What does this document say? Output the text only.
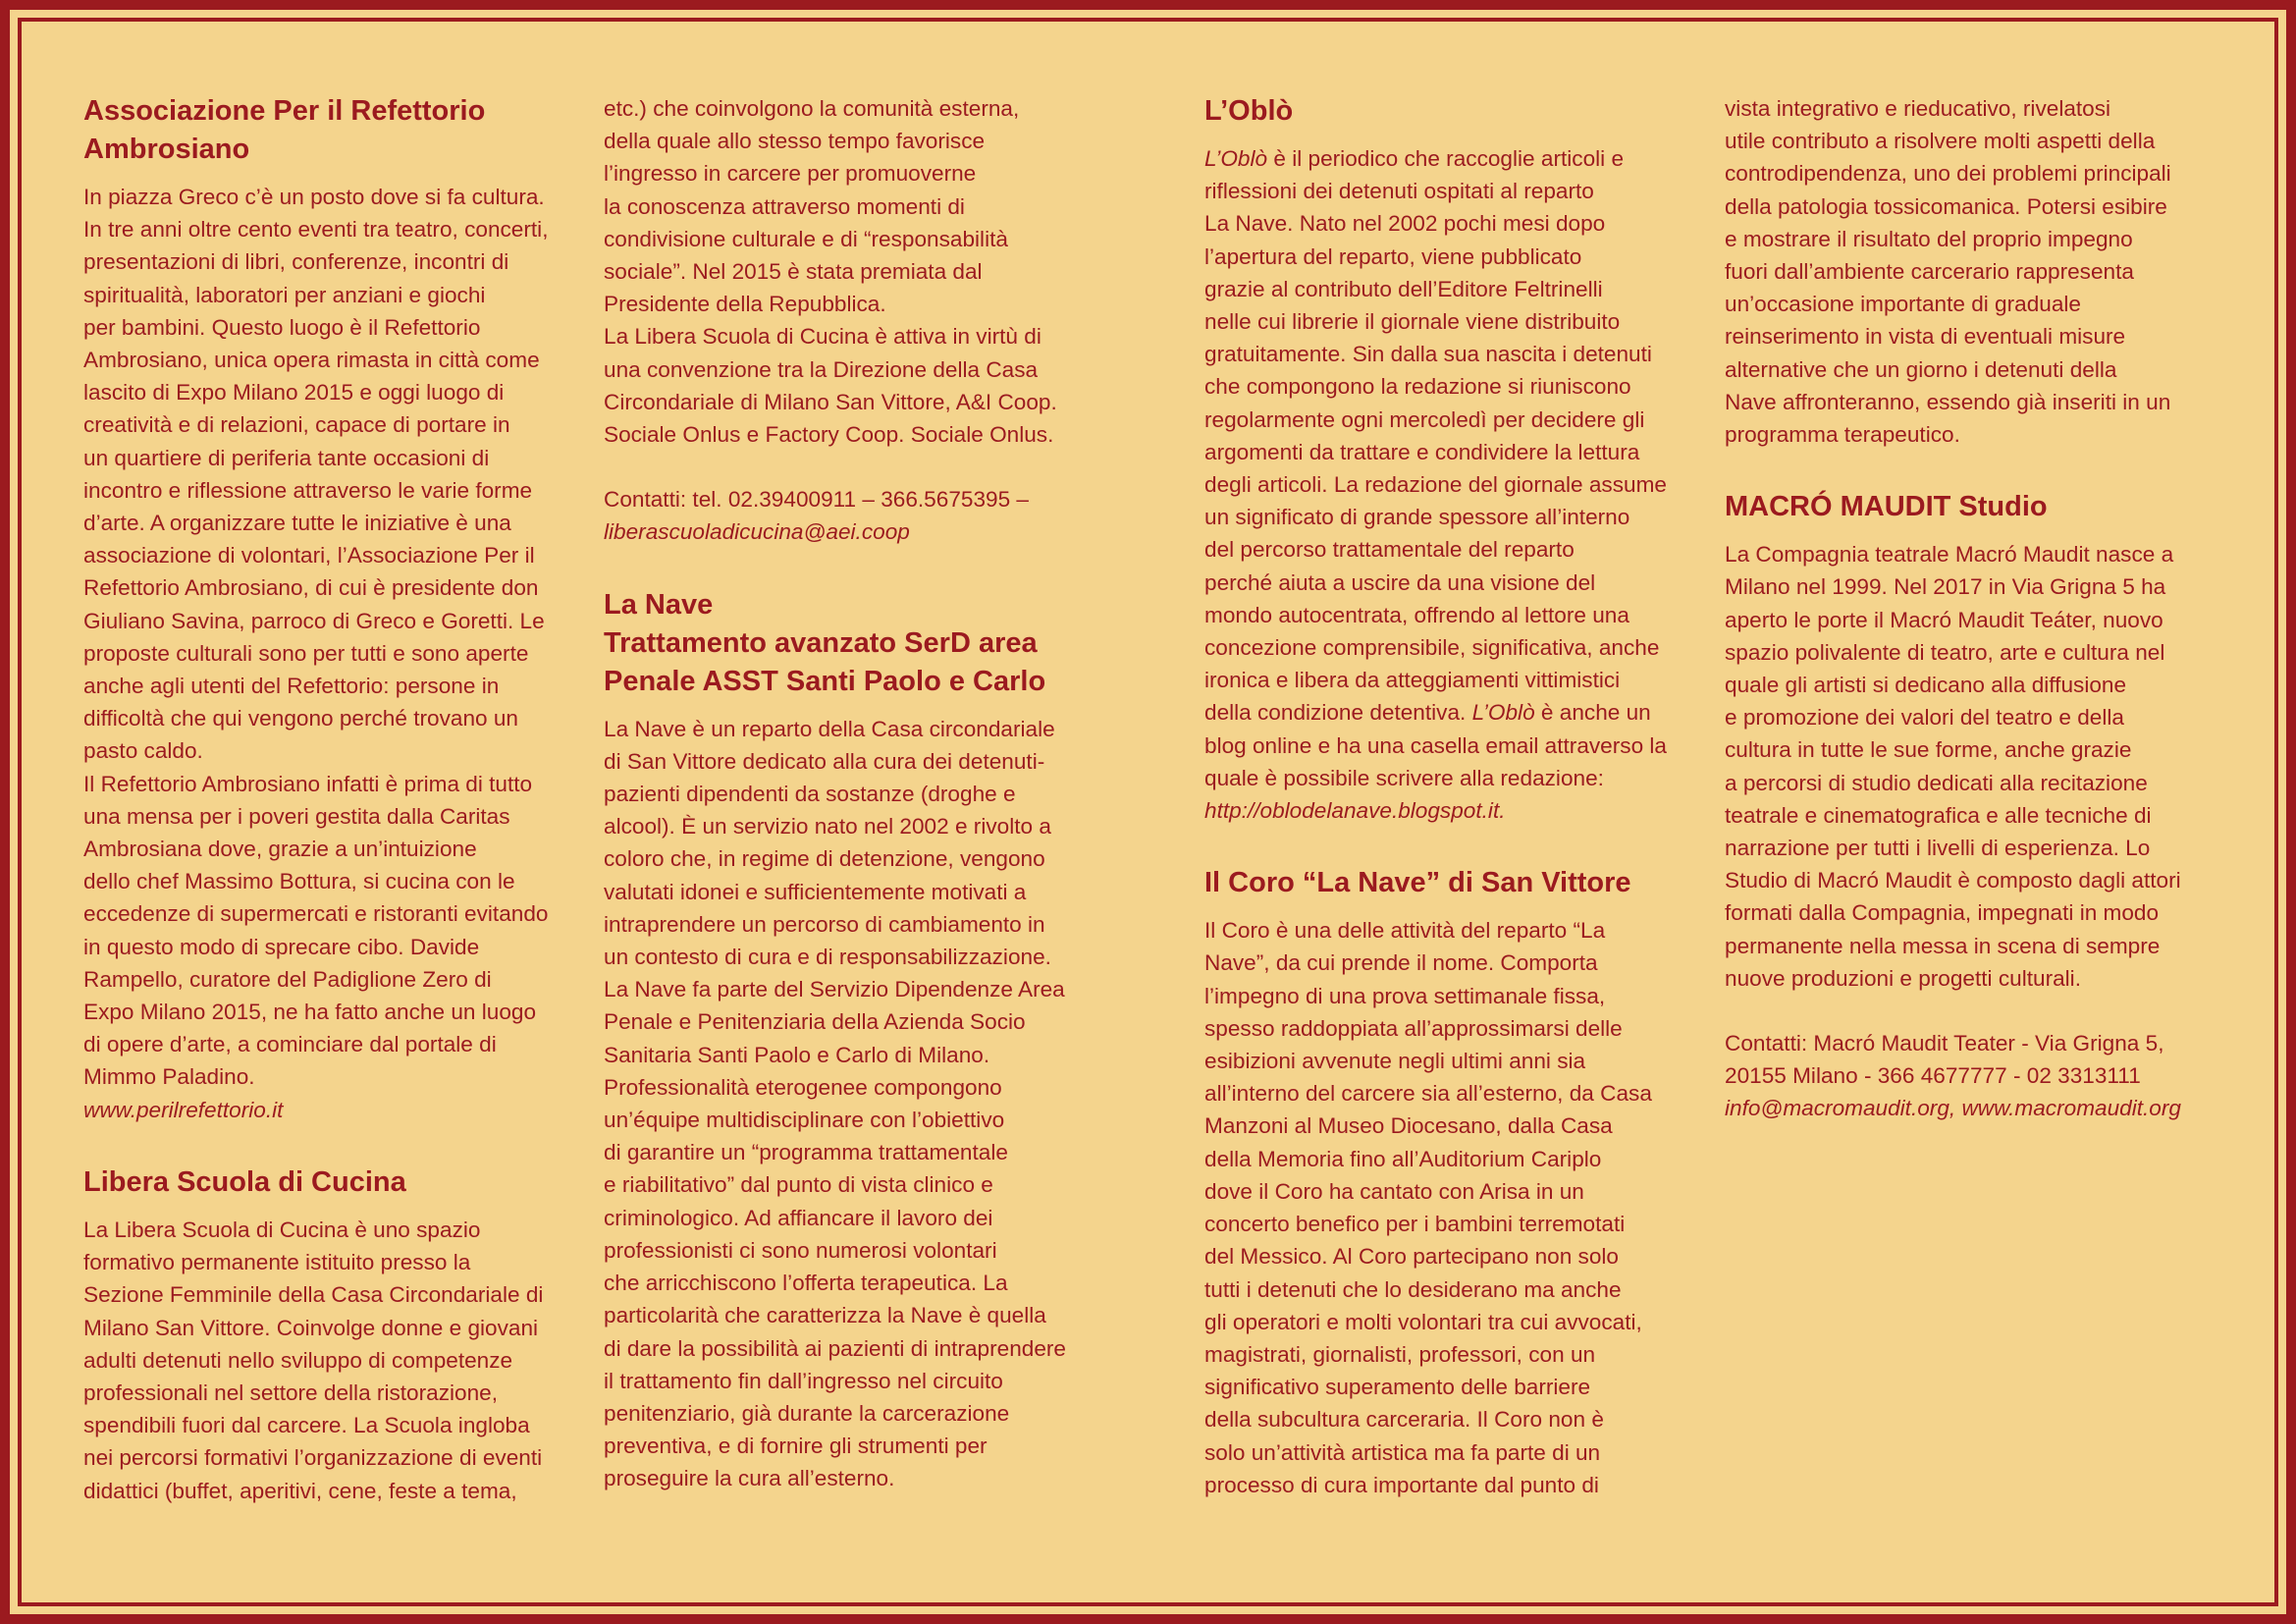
Associazione Per il Refettorio
Ambrosiano
In piazza Greco c’è un posto dove si fa cultura.
In tre anni oltre cento eventi tra teatro, concerti,
presentazioni di libri, conferenze, incontri di
spiritualità, laboratori per anziani e giochi
per bambini. Questo luogo è il Refettorio
Ambrosiano, unica opera rimasta in città come
lascito di Expo Milano 2015 e oggi luogo di
creatività e di relazioni, capace di portare in
un quartiere di periferia tante occasioni di
incontro e riflessione attraverso le varie forme
d’arte. A organizzare tutte le iniziative è una
associazione di volontari, l’Associazione Per il
Refettorio Ambrosiano, di cui è presidente don
Giuliano Savina, parroco di Greco e Goretti. Le
proposte culturali sono per tutti e sono aperte
anche agli utenti del Refettorio: persone in
difficoltà che qui vengono perché trovano un
pasto caldo.
Il Refettorio Ambrosiano infatti è prima di tutto
una mensa per i poveri gestita dalla Caritas
Ambrosiana dove, grazie a un’intuizione
dello chef Massimo Bottura, si cucina con le
eccedenze di supermercati e ristoranti evitando
in questo modo di sprecare cibo. Davide
Rampello, curatore del Padiglione Zero di
Expo Milano 2015, ne ha fatto anche un luogo
di opere d’arte, a cominciare dal portale di
Mimmo Paladino.
www.perilrefettorio.it
Libera Scuola di Cucina
La Libera Scuola di Cucina è uno spazio
formativo permanente istituito presso la
Sezione Femminile della Casa Circondariale di
Milano San Vittore. Coinvolge donne e giovani
adulti detenuti nello sviluppo di competenze
professionali nel settore della ristorazione,
spendibili fuori dal carcere. La Scuola ingloba
nei percorsi formativi l’organizzazione di eventi
didattici (buffet, aperitivi, cene, feste a tema,
etc.) che coinvolgono la comunità esterna,
della quale allo stesso tempo favorisce
l’ingresso in carcere per promuoverne
la conoscenza attraverso momenti di
condivisione culturale e di “responsabilità
sociale”. Nel 2015 è stata premiata dal
Presidente della Repubblica.
La Libera Scuola di Cucina è attiva in virtù di
una convenzione tra la Direzione della Casa
Circondariale di Milano San Vittore, A&I Coop.
Sociale Onlus e Factory Coop. Sociale Onlus.
Contatti: tel. 02.39400911 – 366.5675395 –
liberascuoladicucina@aei.coop
La Nave
Trattamento avanzato SerD area
Penale ASST Santi Paolo e Carlo
La Nave è un reparto della Casa circondariale
di San Vittore dedicato alla cura dei detenuti-
pazienti dipendenti da sostanze (droghe e
alcool). È un servizio nato nel 2002 e rivolto a
coloro che, in regime di detenzione, vengono
valutati idonei e sufficientemente motivati a
intraprendere un percorso di cambiamento in
un contesto di cura e di responsabilizzazione.
La Nave fa parte del Servizio Dipendenze Area
Penale e Penitenziaria della Azienda Socio
Sanitaria Santi Paolo e Carlo di Milano.
Professionalità eterogenee compongono
un’équipe multidisciplinare con l’obiettivo
di garantire un “programma trattamentale
e riabilitativo” dal punto di vista clinico e
criminologico. Ad affiancare il lavoro dei
professionisti ci sono numerosi volontari
che arricchiscono l’offerta terapeutica. La
particolarità che caratterizza la Nave è quella
di dare la possibilità ai pazienti di intraprendere
il trattamento fin dall’ingresso nel circuito
penitenziario, già durante la carcerazione
preventiva, e di fornire gli strumenti per
proseguire la cura all’esterno.
L’Oblò
L’Oblò è il periodico che raccoglie articoli e
riflessioni dei detenuti ospitati al reparto
La Nave. Nato nel 2002 pochi mesi dopo
l’apertura del reparto, viene pubblicato
grazie al contributo dell’Editore Feltrinelli
nelle cui librerie il giornale viene distribuito
gratuitamente. Sin dalla sua nascita i detenuti
che compongono la redazione si riuniscono
regolarmente ogni mercoledì per decidere gli
argomenti da trattare e condividere la lettura
degli articoli. La redazione del giornale assume
un significato di grande spessore all’interno
del percorso trattamentale del reparto
perché aiuta a uscire da una visione del
mondo autocentrata, offrendo al lettore una
concezione comprensibile, significativa, anche
ironica e libera da atteggiamenti vittimistici
della condizione detentiva. L’Oblò è anche un
blog online e ha una casella email attraverso la
quale è possibile scrivere alla redazione:
http://oblodelanave.blogspot.it.
Il Coro “La Nave” di San Vittore
Il Coro è una delle attività del reparto “La
Nave”, da cui prende il nome. Comporta
l’impegno di una prova settimanale fissa,
spesso raddoppiata all’approssimarsi delle
esibizioni avvenute negli ultimi anni sia
all’interno del carcere sia all’esterno, da Casa
Manzoni al Museo Diocesano, dalla Casa
della Memoria fino all’Auditorium Cariplo
dove il Coro ha cantato con Arisa in un
concerto benefico per i bambini terremotati
del Messico. Al Coro partecipano non solo
tutti i detenuti che lo desiderano ma anche
gli operatori e molti volontari tra cui avvocati,
magistrati, giornalisti, professori, con un
significativo superamento delle barriere
della subcultura carceraria. Il Coro non è
solo un’attività artistica ma fa parte di un
processo di cura importante dal punto di
vista integrativo e rieducativo, rivelatosi
utile contributo a risolvere molti aspetti della
controdipendenza, uno dei problemi principali
della patologia tossicomanica. Potersi esibire
e mostrare il risultato del proprio impegno
fuori dall’ambiente carcerario rappresenta
un’occasione importante di graduale
reinserimento in vista di eventuali misure
alternative che un giorno i detenuti della
Nave affronteranno, essendo già inseriti in un
programma terapeutico.
MACRÓ MAUDIT Studio
La Compagnia teatrale Macró Maudit nasce a
Milano nel 1999. Nel 2017 in Via Grigna 5 ha
aperto le porte il Macró Maudit Teáter, nuovo
spazio polivalente di teatro, arte e cultura nel
quale gli artisti si dedicano alla diffusione
e promozione dei valori del teatro e della
cultura in tutte le sue forme, anche grazie
a percorsi di studio dedicati alla recitazione
teatrale e cinematografica e alle tecniche di
narrazione per tutti i livelli di esperienza. Lo
Studio di Macró Maudit è composto dagli attori
formati dalla Compagnia, impegnati in modo
permanente nella messa in scena di sempre
nuove produzioni e progetti culturali.
Contatti: Macró Maudit Teater - Via Grigna 5,
20155 Milano - 366 4677777 - 02 3313111
info@macromaudit.org, www.macromaudit.org
